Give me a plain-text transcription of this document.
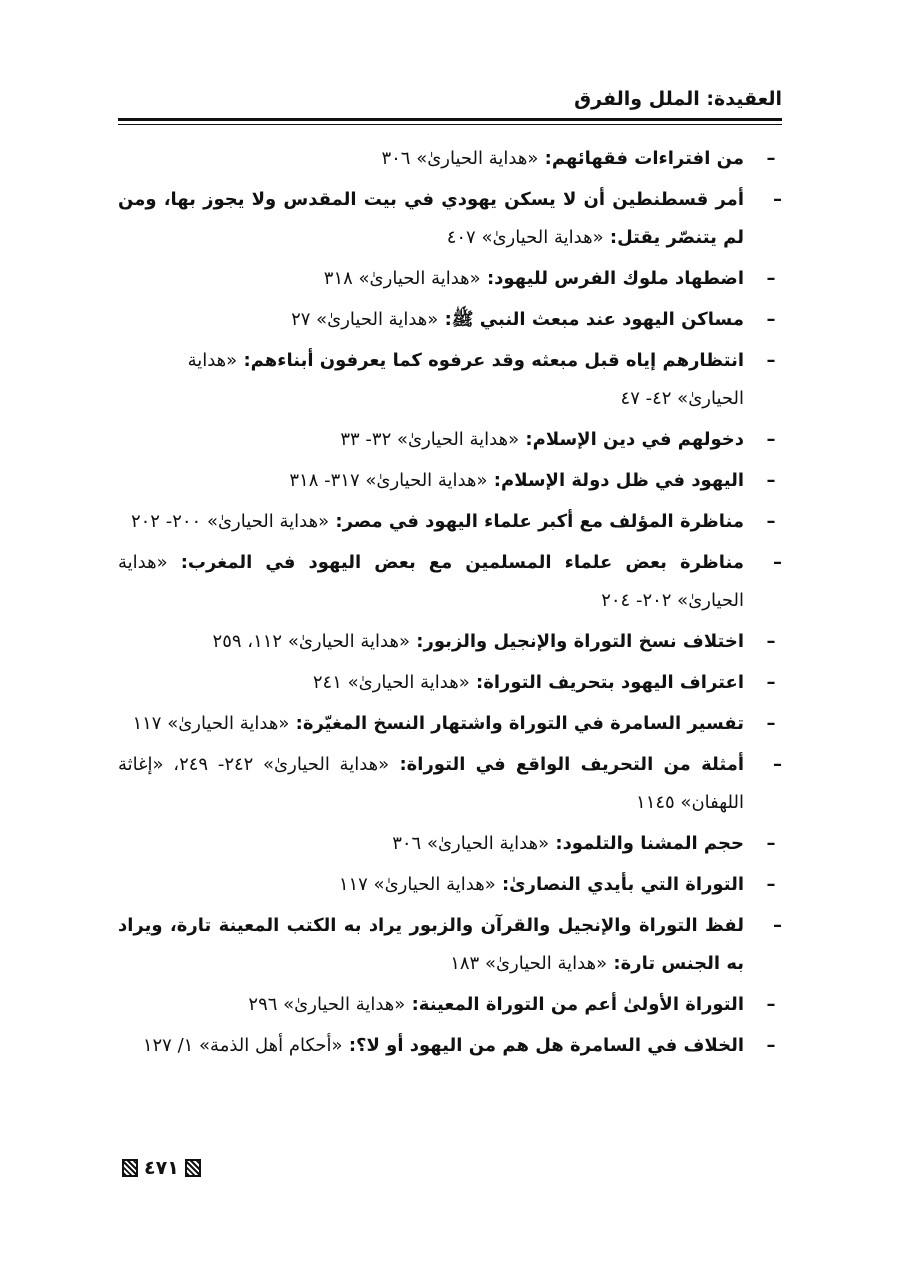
العقيدة: الملل والفرق
–
من افتراءات فقهائهم: «هداية الحيارىٰ» ٣٠٦
–
أمر قسطنطين أن لا يسكن يهودي في بيت المقدس ولا يجوز بها، ومن لم يتنصّر يقتل: «هداية الحيارىٰ» ٤٠٧
–
اضطهاد ملوك الفرس لليهود: «هداية الحيارىٰ» ٣١٨
–
مساكن اليهود عند مبعث النبي ﷺ: «هداية الحيارىٰ» ٢٧
–
انتظارهم إياه قبل مبعثه وقد عرفوه كما يعرفون أبناءهم: «هداية الحيارىٰ» ٤٢- ٤٧
–
دخولهم في دين الإسلام: «هداية الحيارىٰ» ٣٢- ٣٣
–
اليهود في ظل دولة الإسلام: «هداية الحيارىٰ» ٣١٧- ٣١٨
–
مناظرة المؤلف مع أكبر علماء اليهود في مصر: «هداية الحيارىٰ» ٢٠٠- ٢٠٢
–
مناظرة بعض علماء المسلمين مع بعض اليهود في المغرب: «هداية الحيارىٰ» ٢٠٢- ٢٠٤
–
اختلاف نسخ التوراة والإنجيل والزبور: «هداية الحيارىٰ» ١١٢، ٢٥٩
–
اعتراف اليهود بتحريف التوراة: «هداية الحيارىٰ» ٢٤١
–
تفسير السامرة في التوراة واشتهار النسخ المغيّرة: «هداية الحيارىٰ» ١١٧
–
أمثلة من التحريف الواقع في التوراة: «هداية الحيارىٰ» ٢٤٢- ٢٤٩، «إغاثة اللهفان» ١١٤٥
–
حجم المشنا والتلمود: «هداية الحيارىٰ» ٣٠٦
–
التوراة التي بأيدي النصارىٰ: «هداية الحيارىٰ» ١١٧
–
لفظ التوراة والإنجيل والقرآن والزبور يراد به الكتب المعينة تارة، ويراد به الجنس تارة: «هداية الحيارىٰ» ١٨٣
–
التوراة الأولىٰ أعم من التوراة المعينة: «هداية الحيارىٰ» ٢٩٦
–
الخلاف في السامرة هل هم من اليهود أو لا؟: «أحكام أهل الذمة» ١/ ١٢٧
٤٧١
